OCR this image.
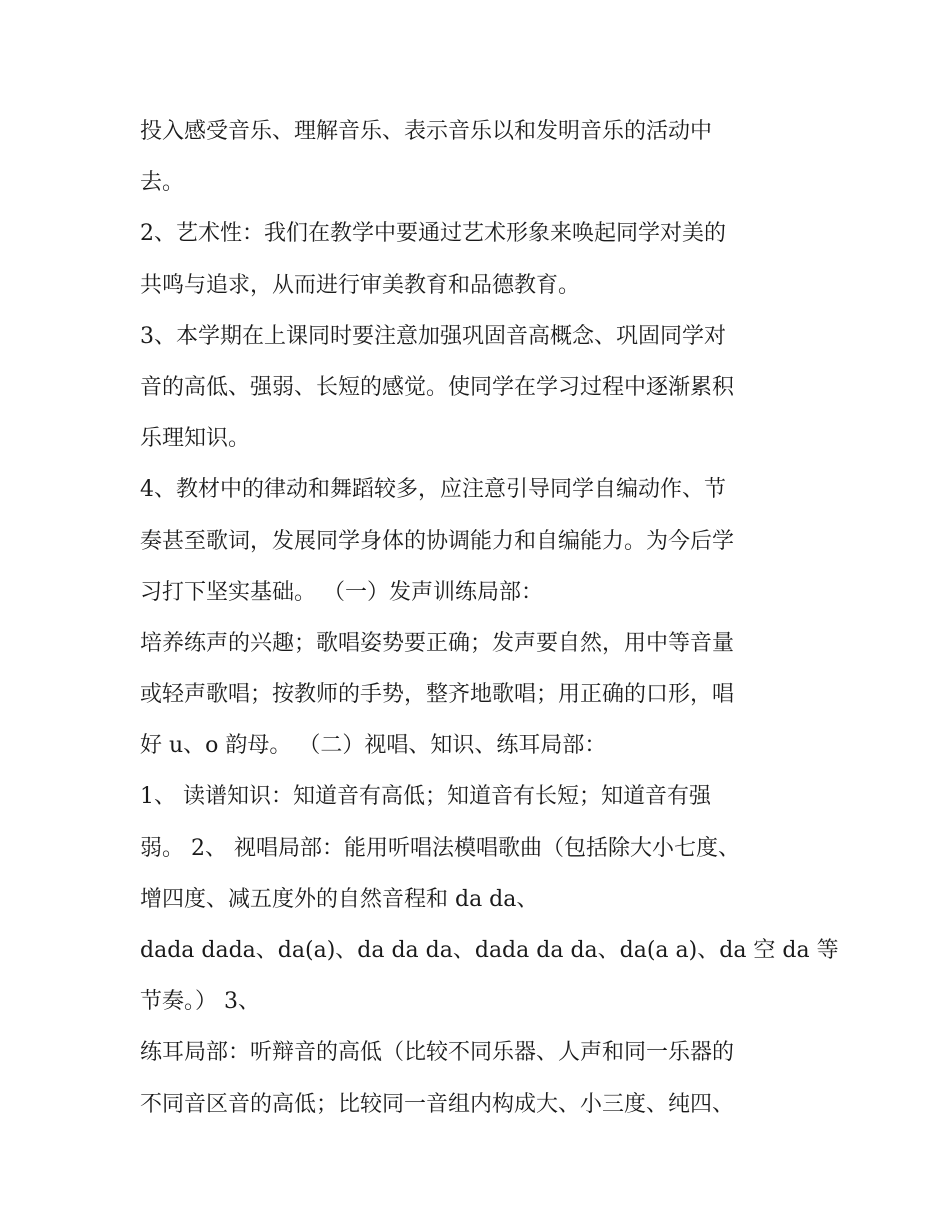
投入感受音乐、理解音乐、表示音乐以和发明音乐的活动中
去。
2、艺术性：我们在教学中要通过艺术形象来唤起同学对美的
共鸣与追求，从而进行审美教育和品德教育。
3、本学期在上课同时要注意加强巩固音高概念、巩固同学对
音的高低、强弱、长短的感觉。使同学在学习过程中逐渐累积
乐理知识。
4、教材中的律动和舞蹈较多，应注意引导同学自编动作、节
奏甚至歌词，发展同学身体的协调能力和自编能力。为今后学
习打下坚实基础。 （一）发声训练局部：
培养练声的兴趣；歌唱姿势要正确；发声要自然，用中等音量
或轻声歌唱；按教师的手势，整齐地歌唱；用正确的口形，唱
好 u、o 韵母。 （二）视唱、知识、练耳局部：
1、 读谱知识：知道音有高低；知道音有长短；知道音有强
弱。 2、 视唱局部：能用听唱法模唱歌曲（包括除大小七度、
增四度、减五度外的自然音程和 da da、
dada dada、da(a)、da da da、dada da da、da(a a)、da 空 da 等
节奏。） 3、
练耳局部：听辩音的高低（比较不同乐器、人声和同一乐器的
不同音区音的高低；比较同一音组内构成大、小三度、纯四、
